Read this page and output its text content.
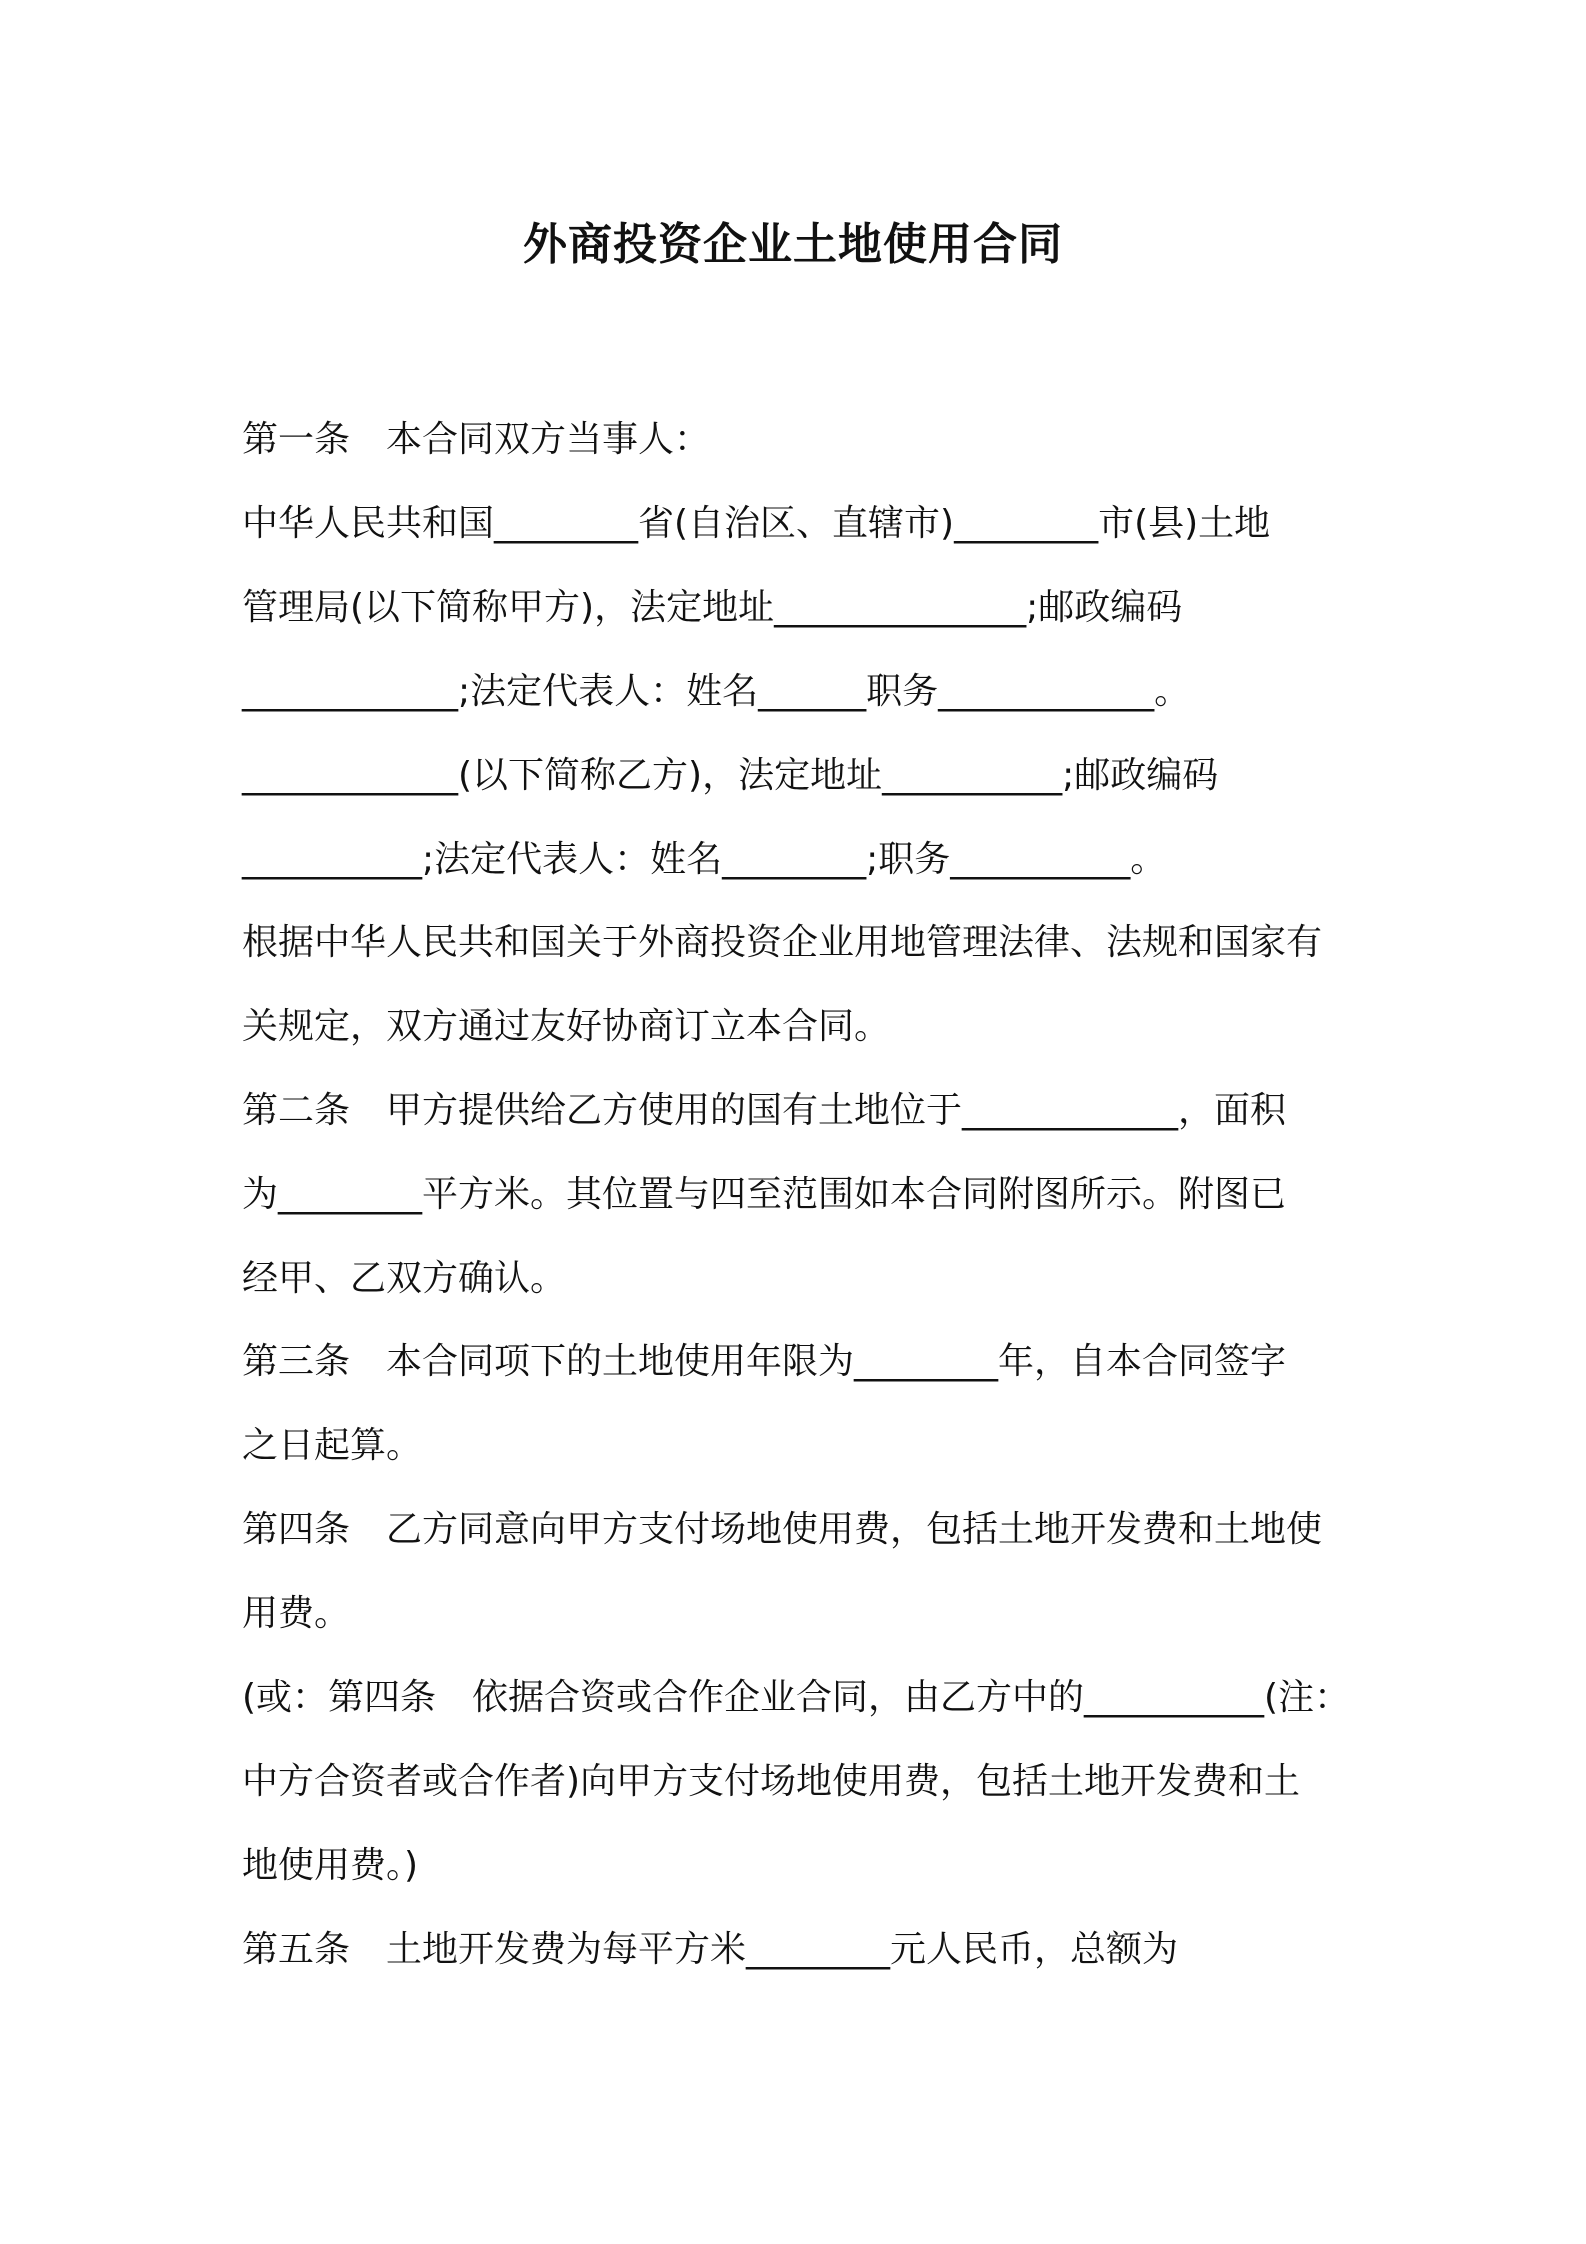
外商投资企业土地使用合同

第一条　本合同双方当事人：

中华人民共和国________省(自治区、直辖市)________市(县)土地

管理局(以下简称甲方)，法定地址______________;邮政编码

____________;法定代表人：姓名______职务____________。

____________(以下简称乙方)，法定地址__________;邮政编码

__________;法定代表人：姓名________;职务__________。

根据中华人民共和国关于外商投资企业用地管理法律、法规和国家有

关规定，双方通过友好协商订立本合同。

第二条　甲方提供给乙方使用的国有土地位于____________，面积

为________平方米。其位置与四至范围如本合同附图所示。附图已

经甲、乙双方确认。

第三条　本合同项下的土地使用年限为________年，自本合同签字

之日起算。

第四条　乙方同意向甲方支付场地使用费，包括土地开发费和土地使

用费。

(或：第四条　依据合资或合作企业合同，由乙方中的__________(注：

中方合资者或合作者)向甲方支付场地使用费，包括土地开发费和土

地使用费。)

第五条　土地开发费为每平方米________元人民币，总额为
